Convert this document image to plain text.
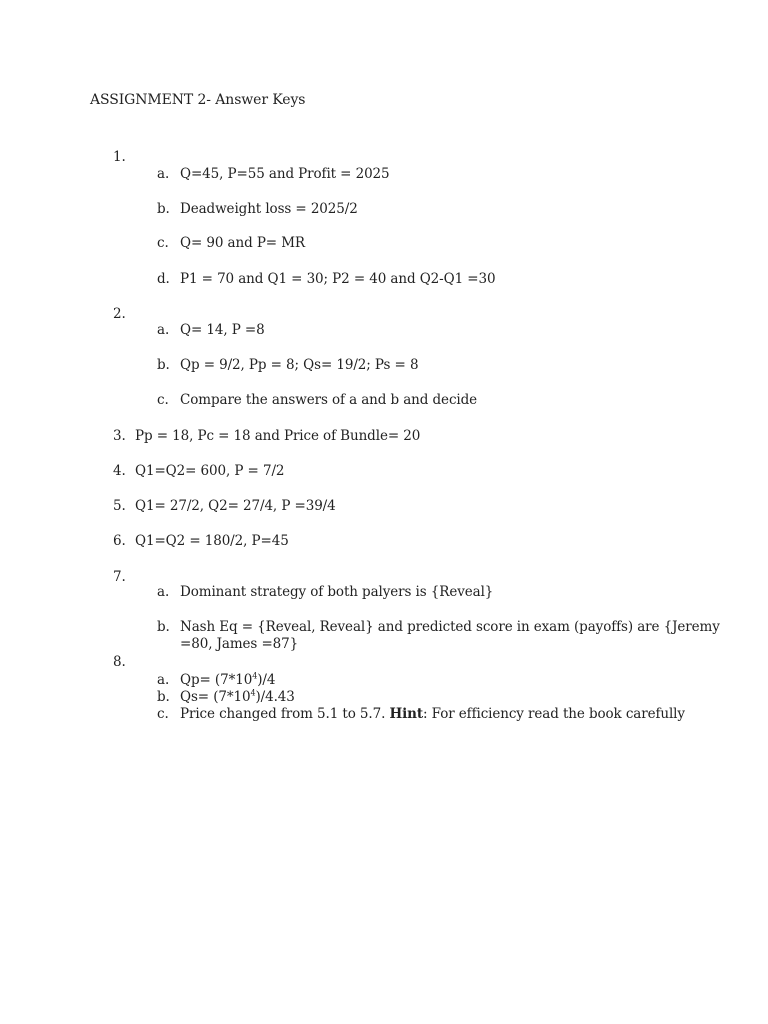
ASSIGNMENT 2- Answer Keys
1.
a. Q=45, P=55 and Profit = 2025
b. Deadweight loss = 2025/2
c. Q= 90 and P= MR
d. P1 = 70 and Q1 = 30; P2 = 40 and Q2-Q1 =30
2.
a. Q= 14, P =8
b. Qp = 9/2, Pp = 8; Qs= 19/2; Ps = 8
c. Compare the answers of a and b and decide
3. Pp = 18, Pc = 18 and Price of Bundle= 20
4. Q1=Q2= 600, P = 7/2
5. Q1= 27/2, Q2= 27/4, P =39/4
6. Q1=Q2 = 180/2, P=45
7.
a. Dominant strategy of both palyers is {Reveal}
b. Nash Eq = {Reveal, Reveal} and predicted score in exam (payoffs) are {Jeremy
=80, James =87}
8.
a. $Qp= (7*10^4)/4$
b. $Qs= (7*10^4)/4.43$
c. Price changed from 5.1 to 5.7. Hint: For efficiency read the book carefully
